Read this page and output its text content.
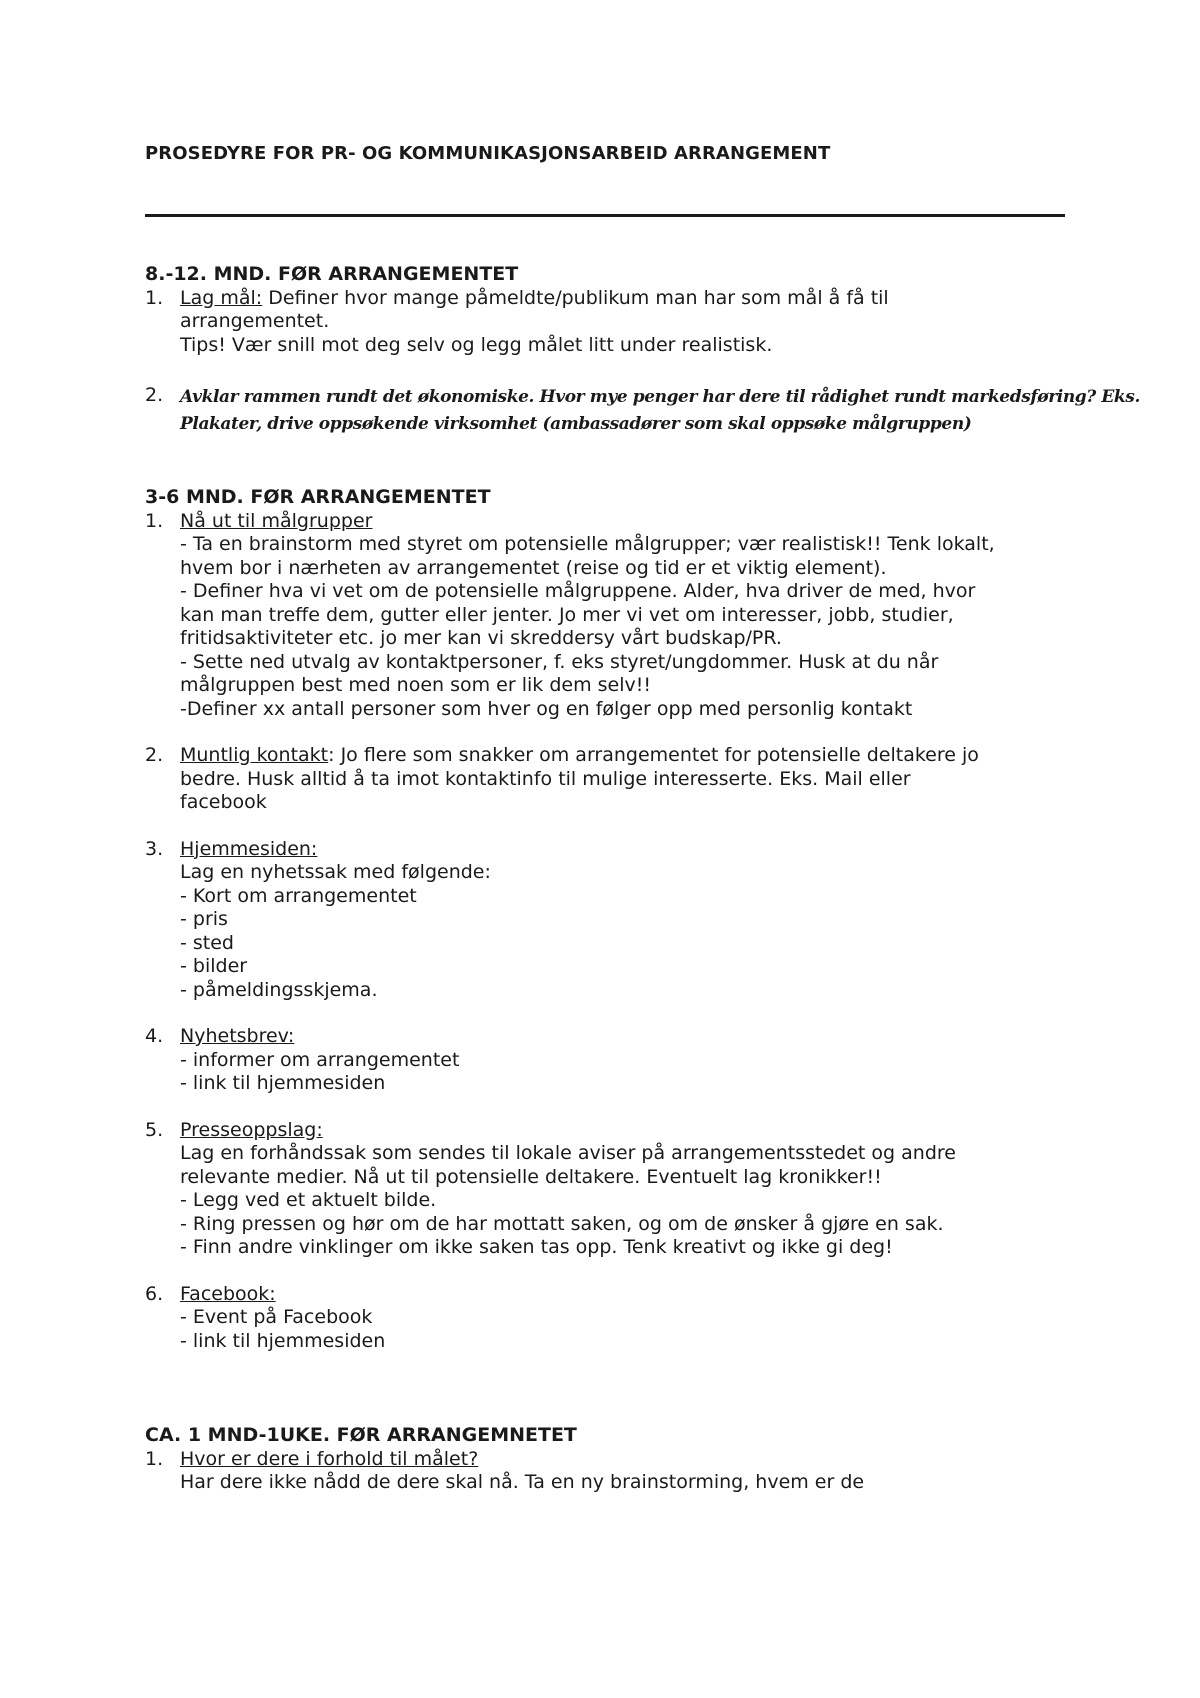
PROSEDYRE FOR PR- OG KOMMUNIKASJONSARBEID ARRANGEMENT

8.-12. MND. FØR ARRANGEMENTET

1. Lag mål: Definer hvor mange påmeldte/publikum man har som mål å få til
arrangementet.
Tips! Vær snill mot deg selv og legg målet litt under realistisk.
2. Avklar rammen rundt det økonomiske. Hvor mye penger har dere til rådighet rundt markedsføring? Eks.
Plakater, drive oppsøkende virksomhet (ambassadører som skal oppsøke målgruppen)

3-6 MND. FØR ARRANGEMENTET

1. Nå ut til målgrupper
- Ta en brainstorm med styret om potensielle målgrupper; vær realistisk!! Tenk lokalt,
hvem bor i nærheten av arrangementet (reise og tid er et viktig element).
- Definer hva vi vet om de potensielle målgruppene. Alder, hva driver de med, hvor
kan man treffe dem, gutter eller jenter. Jo mer vi vet om interesser, jobb, studier,
fritidsaktiviteter etc. jo mer kan vi skreddersy vårt budskap/PR.
- Sette ned utvalg av kontaktpersoner, f. eks styret/ungdommer. Husk at du når
målgruppen best med noen som er lik dem selv!!
-Definer xx antall personer som hver og en følger opp med personlig kontakt
2. Muntlig kontakt: Jo flere som snakker om arrangementet for potensielle deltakere jo
bedre. Husk alltid å ta imot kontaktinfo til mulige interesserte. Eks. Mail eller
facebook
3. Hjemmesiden:
Lag en nyhetssak med følgende:
- Kort om arrangementet
- pris
- sted
- bilder
- påmeldingsskjema.
4. Nyhetsbrev:
- informer om arrangementet
- link til hjemmesiden
5. Presseoppslag:
Lag en forhåndssak som sendes til lokale aviser på arrangementsstedet og andre
relevante medier. Nå ut til potensielle deltakere. Eventuelt lag kronikker!!
- Legg ved et aktuelt bilde.
- Ring pressen og hør om de har mottatt saken, og om de ønsker å gjøre en sak.
- Finn andre vinklinger om ikke saken tas opp. Tenk kreativt og ikke gi deg!
6. Facebook:
- Event på Facebook
- link til hjemmesiden

CA. 1 MND-1UKE. FØR ARRANGEMNETET

1. Hvor er dere i forhold til målet?
Har dere ikke nådd de dere skal nå. Ta en ny brainstorming, hvem er de
